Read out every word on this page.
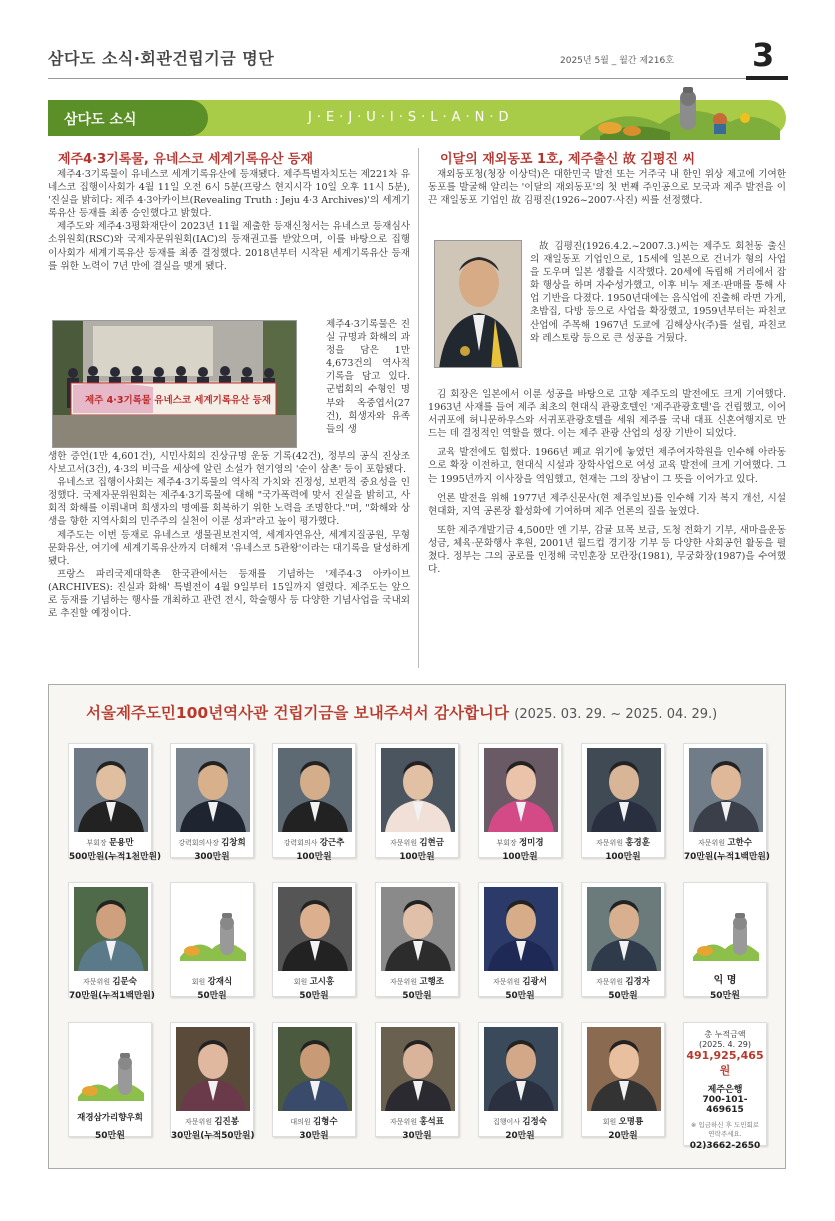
삼다도 소식·회관건립기금 명단	2025년 5월 _ 월간 제216호 3
삼다도 소식	J·E·J·U·I·S·L·A·N·D
제주4·3기록물, 유네스코 세계기록유산 등재

제주4·3기록물이 유네스코 세계기록유산에 등재됐다. 제주특별자치도는 제221차 유네스코 집행이사회가 4월 11일 오전 6시 5분(프랑스 현지시각 10일 오후 11시 5분), '진실을 밝히다: 제주 4·3아카이브(Revealing Truth : Jeju 4·3 Archives)'의 세계기록유산 등재를 최종 승인했다고 밝혔다.

제주도와 제주4·3평화재단이 2023년 11월 제출한 등재신청서는 유네스코 등재심사소위원회(RSC)와 국제자문위원회(IAC)의 등재권고를 받았으며, 이를 바탕으로 집행이사회가 세계기록유산 등재를 최종 결정했다. 2018년부터 시작된 세계기록유산 등재를 위한 노력이 7년 만에 결실을 맺게 됐다.

제주 4·3기록물 유네스코 세계기록유산 등재

제주4·3기록물은 진실 규명과 화해의 과정을 담은 1만 4,673건의 역사적 기록을 담고 있다. 군법회의 수형인 명부와 옥중엽서(27건), 희생자와 유족들의 생

생한 증언(1만 4,601건), 시민사회의 진상규명 운동 기록(42건), 정부의 공식 진상조사보고서(3건), 4·3의 비극을 세상에 알린 소설가 현기영의 '순이 삼촌' 등이 포함됐다.

유네스코 집행이사회는 제주4·3기록물의 역사적 가치와 진정성, 보편적 중요성을 인정했다. 국제자문위원회는 제주4·3기록물에 대해 "국가폭력에 맞서 진실을 밝히고, 사회적 화해를 이뤄내며 희생자의 명예를 회복하기 위한 노력을 조명한다."며, "화해와 상생을 향한 지역사회의 민주주의 실천이 이룬 성과"라고 높이 평가했다.

제주도는 이번 등재로 유네스코 생물권보전지역, 세계자연유산, 세계지질공원, 무형문화유산, 여기에 세계기록유산까지 더해져 '유네스코 5관왕'이라는 대기록을 달성하게 됐다.

프랑스 파리국제대학촌 한국관에서는 등재를 기념하는 '제주4·3 아카이브(ARCHIVES): 진실과 화해' 특별전이 4월 9일부터 15일까지 열렸다. 제주도는 앞으로 등재를 기념하는 행사를 개최하고 관련 전시, 학술행사 등 다양한 기념사업을 국내외로 추진할 예정이다.

이달의 재외동포 1호, 제주출신 故 김평진 씨

재외동포청(청장 이상덕)은 대한민국 발전 또는 거주국 내 한인 위상 제고에 기여한 동포를 발굴해 알리는 '이달의 재외동포'의 첫 번째 주인공으로 모국과 제주 발전을 이끈 재일동포 기업인 故 김평진(1926~2007·사진) 씨를 선정했다.

故 김평진(1926.4.2.~2007.3.)씨는 제주도 회천동 출신의 재일동포 기업인으로, 15세에 일본으로 건너가 형의 사업을 도우며 일본 생활을 시작했다. 20세에 독립해 거리에서 잡화 행상을 하며 자수성가했고, 이후 비누 제조·판매를 통해 사업 기반을 다졌다. 1950년대에는 음식업에 진출해 라면 가게, 초밥집, 다방 등으로 사업을 확장했고, 1959년부터는 파친코 산업에 주목해 1967년 도쿄에 김해상사(주)를 설립, 파친코와 레스토랑 등으로 큰 성공을 거뒀다.

김 회장은 일본에서 이룬 성공을 바탕으로 고향 제주도의 발전에도 크게 기여했다. 1963년 사재를 들여 제주 최초의 현대식 관광호텔인 '제주관광호텔'을 건립했고, 이어 서귀포에 허니문하우스와 서귀포관광호텔을 세워 제주를 국내 대표 신혼여행지로 만드는 데 결정적인 역할을 했다. 이는 제주 관광 산업의 성장 기반이 되었다.

교육 발전에도 힘썼다. 1966년 폐교 위기에 놓였던 제주여자학원을 인수해 아라동으로 확장 이전하고, 현대식 시설과 장학사업으로 여성 교육 발전에 크게 기여했다. 그는 1995년까지 이사장을 역임했고, 현재는 그의 장남이 그 뜻을 이어가고 있다.

언론 발전을 위해 1977년 제주신문사(현 제주일보)를 인수해 기자 복지 개선, 시설 현대화, 지역 공론장 활성화에 기여하며 제주 언론의 질을 높였다.

또한 제주개발기금 4,500만 엔 기부, 감귤 묘목 보급, 도청 전화기 기부, 새마을운동 성금, 체육·문화행사 후원, 2001년 월드컵 경기장 기부 등 다양한 사회공헌 활동을 펼쳤다. 정부는 그의 공로를 인정해 국민훈장 모란장(1981), 무궁화장(1987)을 수여했다.

서울제주도민100년역사관 건립기금을 보내주셔서 감사합니다 (2025. 03. 29. ~ 2025. 04. 29.)
부회장 문용만
500만원(누적1천만원)
강력회의사장 김창희
300만원
강력회의사 강근추
100만원
자문위원 김현금
100만원
부회장 정미경
100만원
자문위원 홍경훈
100만원
자문위원 고한수
70만원(누적1백만원)
자문위원 김문숙
70만원(누적1백만원)
회원 강재식
50만원
회원 고시홍
50만원
자문위원 고행조
50만원
자문위원 김광서
50만원
자문위원 김경자
50만원
익 명
50만원
재경삼가리향우회
50만원
자문위원 김진봉
30만원(누적50만원)
대의원 김형수
30만원
자문위원 홍석표
30만원
집행이사 김정숙
20만원
회원 오명룡
20만원
총 누적금액
(2025. 4. 29)
491,925,465원
제주은행
700-101-469615
※ 입금하신 후 도민회로 연락주세요.
02)3662-2650
